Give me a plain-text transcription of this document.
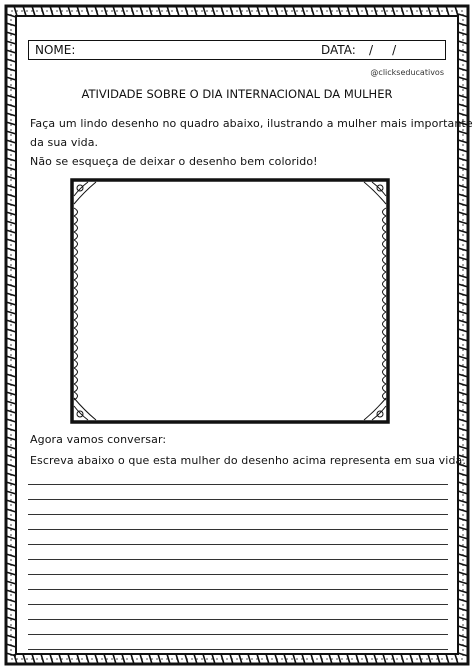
NOME:	DATA: /     /
@clickseducativos
ATIVIDADE SOBRE O DIA INTERNACIONAL DA MULHER
Faça um lindo desenho no quadro abaixo, ilustrando a mulher mais importante
da sua vida.
Não se esqueça de deixar o desenho bem colorido!
Agora vamos conversar:
Escreva abaixo o que esta mulher do desenho acima representa em sua vida.
